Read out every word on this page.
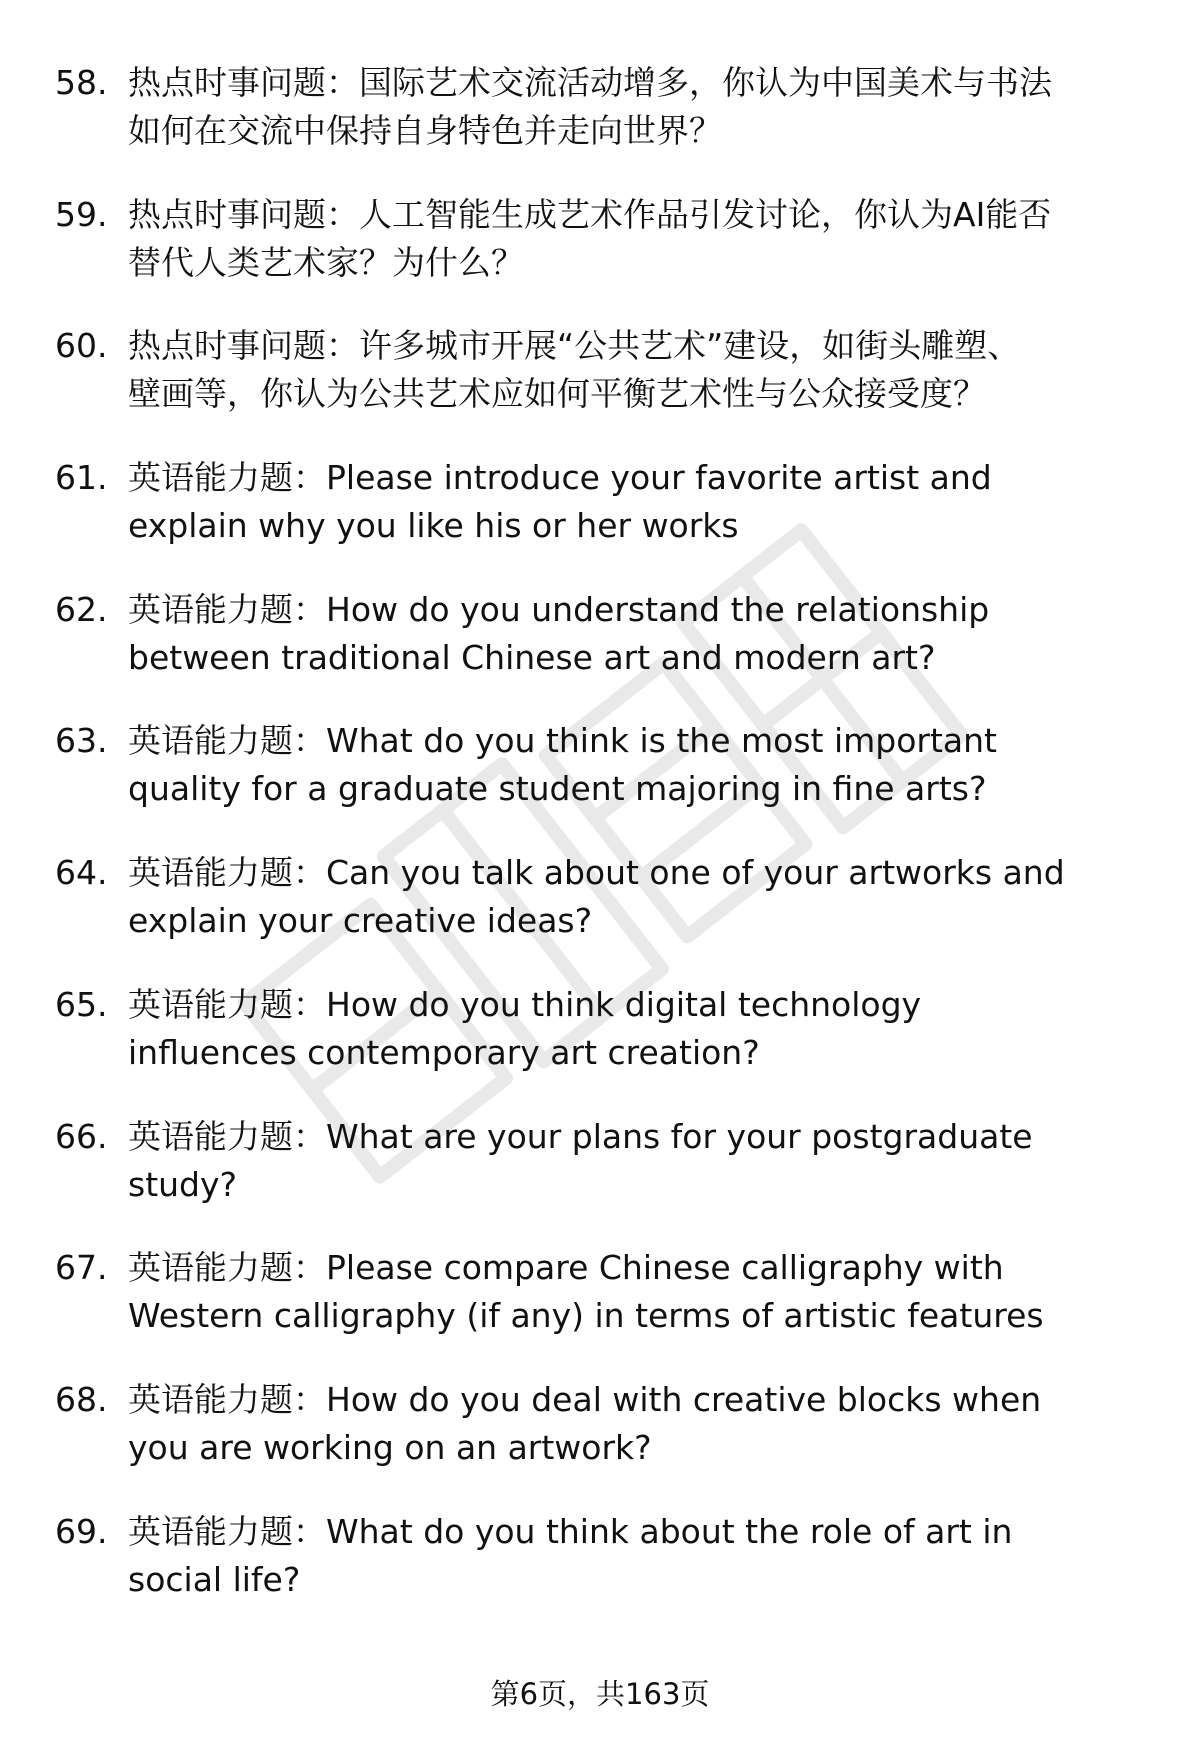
58. 热点时事问题：国际艺术交流活动增多，你认为中国美术与书法
如何在交流中保持自身特色并走向世界？
59. 热点时事问题：人工智能生成艺术作品引发讨论，你认为AI能否
替代人类艺术家？为什么？
60. 热点时事问题：许多城市开展“公共艺术”建设，如街头雕塑、
壁画等，你认为公共艺术应如何平衡艺术性与公众接受度？
61. 英语能力题：Please introduce your favorite artist and
explain why you like his or her works
62. 英语能力题：How do you understand the relationship
between traditional Chinese art and modern art?
63. 英语能力题：What do you think is the most important
quality for a graduate student majoring in fine arts?
64. 英语能力题：Can you talk about one of your artworks and
explain your creative ideas?
65. 英语能力题：How do you think digital technology
influences contemporary art creation?
66. 英语能力题：What are your plans for your postgraduate
study?
67. 英语能力题：Please compare Chinese calligraphy with
Western calligraphy (if any) in terms of artistic features
68. 英语能力题：How do you deal with creative blocks when
you are working on an artwork?
69. 英语能力题：What do you think about the role of art in
social life?
第6页，共163页
